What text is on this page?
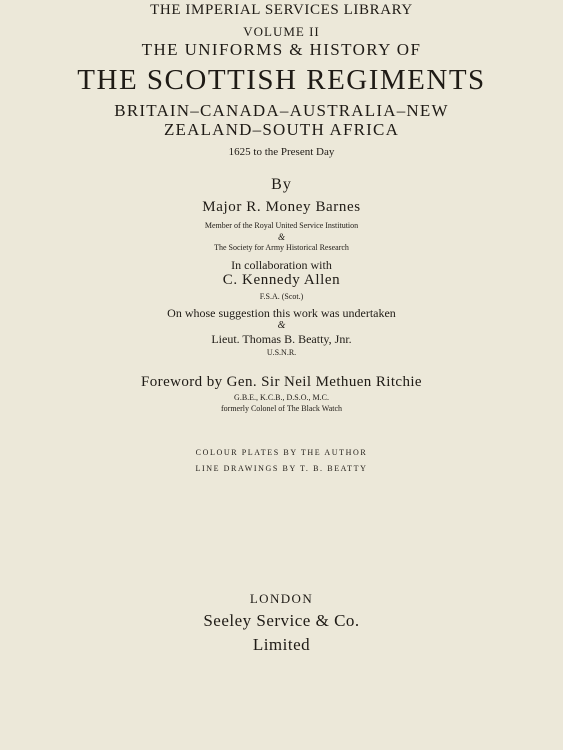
THE IMPERIAL SERVICES LIBRARY
VOLUME II
THE UNIFORMS & HISTORY OF
THE SCOTTISH REGIMENTS
BRITAIN–CANADA–AUSTRALIA–NEW
ZEALAND–SOUTH AFRICA
1625 to the Present Day
By
Major R. Money Barnes
Member of the Royal United Service Institution
&
The Society for Army Historical Research
In collaboration with
C. Kennedy Allen
F.S.A. (Scot.)
On whose suggestion this work was undertaken
&
Lieut. Thomas B. Beatty, Jnr.
U.S.N.R.
Foreword by Gen. Sir Neil Methuen Ritchie
G.B.E., K.C.B., D.S.O., M.C.
formerly Colonel of The Black Watch
COLOUR PLATES BY THE AUTHOR
LINE DRAWINGS BY T. B. BEATTY
LONDON
Seeley Service & Co.
Limited
